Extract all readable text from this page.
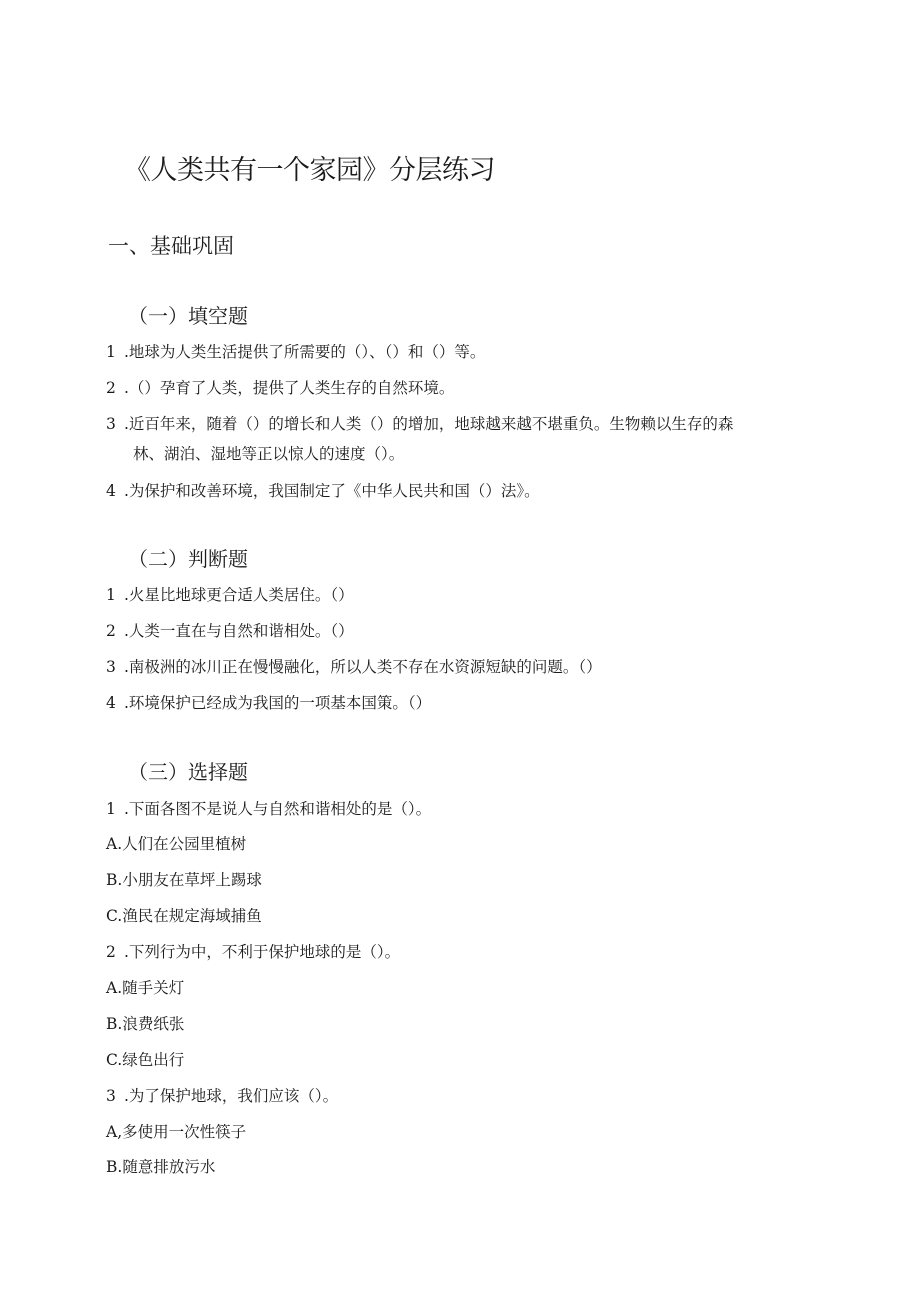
《人类共有一个家园》分层练习
一、基础巩固
（一）填空题
1 .地球为人类生活提供了所需要的（）、（）和（）等。
2 .（）孕育了人类，提供了人类生存的自然环境。
3 .近百年来，随着（）的增长和人类（）的增加，地球越来越不堪重负。生物赖以生存的森
林、湖泊、湿地等正以惊人的速度（）。
4 .为保护和改善环境，我国制定了《中华人民共和国（）法》。
（二）判断题
1 .火星比地球更合适人类居住。（）
2 .人类一直在与自然和谐相处。（）
3 .南极洲的冰川正在慢慢融化，所以人类不存在水资源短缺的问题。（）
4 .环境保护已经成为我国的一项基本国策。（）
（三）选择题
1 .下面各图不是说人与自然和谐相处的是（）。
A.人们在公园里植树
B.小朋友在草坪上踢球
C.渔民在规定海域捕鱼
2 .下列行为中，不利于保护地球的是（）。
A.随手关灯
B.浪费纸张
C.绿色出行
3 .为了保护地球，我们应该（）。
A,多使用一次性筷子
B.随意排放污水
